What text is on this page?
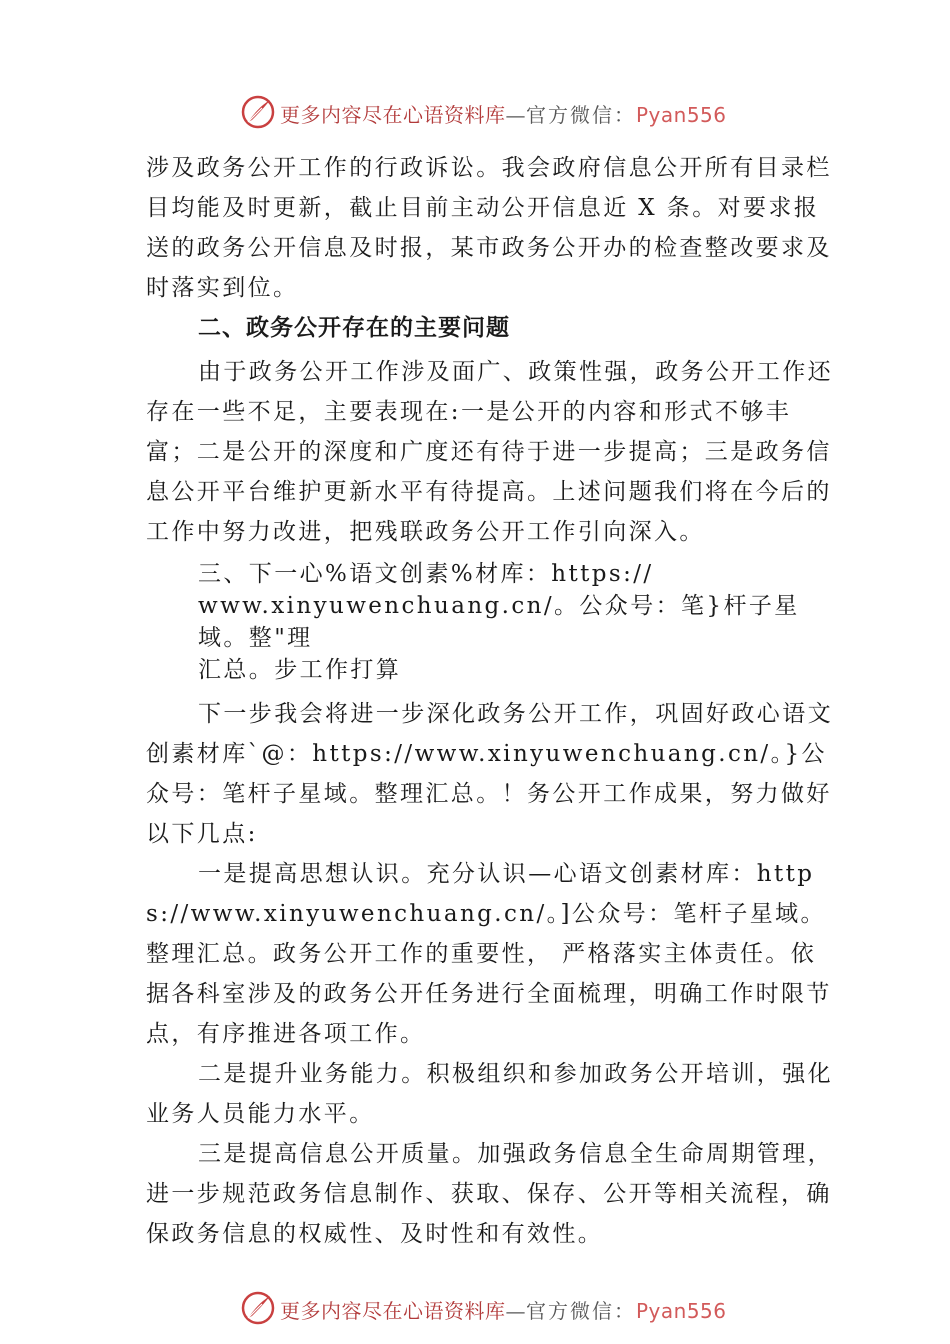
更多内容尽在心语资料库—官方微信：Pyan556

涉及政务公开工作的行政诉讼。我会政府信息公开所有目录栏目均能及时更新，截止目前主动公开信息近 X 条。对要求报送的政务公开信息及时报，某市政务公开办的检查整改要求及时落实到位。

二、政务公开存在的主要问题

由于政务公开工作涉及面广、政策性强，政务公开工作还存在一些不足，主要表现在:一是公开的内容和形式不够丰富；二是公开的深度和广度还有待于进一步提高；三是政务信息公开平台维护更新水平有待提高。上述问题我们将在今后的工作中努力改进，把残联政务公开工作引向深入。

三、下一心%语文创素%材库：https://
www.xinyuwenchuang.cn/。公众号：笔}杆子星域。整"理
汇总。步工作打算

下一步我会将进一步深化政务公开工作，巩固好政心语文创素材库`@：https://www.xinyuwenchuang.cn/。}公众号：笔杆子星域。整理汇总。！务公开工作成果，努力做好以下几点:

一是提高思想认识。充分认识—心语文创素材库：https://www.xinyuwenchuang.cn/。]公众号：笔杆子星域。整理汇总。政务公开工作的重要性， 严格落实主体责任。依据各科室涉及的政务公开任务进行全面梳理，明确工作时限节点，有序推进各项工作。

二是提升业务能力。积极组织和参加政务公开培训，强化业务人员能力水平。

三是提高信息公开质量。加强政务信息全生命周期管理，进一步规范政务信息制作、获取、保存、公开等相关流程，确保政务信息的权威性、及时性和有效性。

更多内容尽在心语资料库—官方微信：Pyan556
